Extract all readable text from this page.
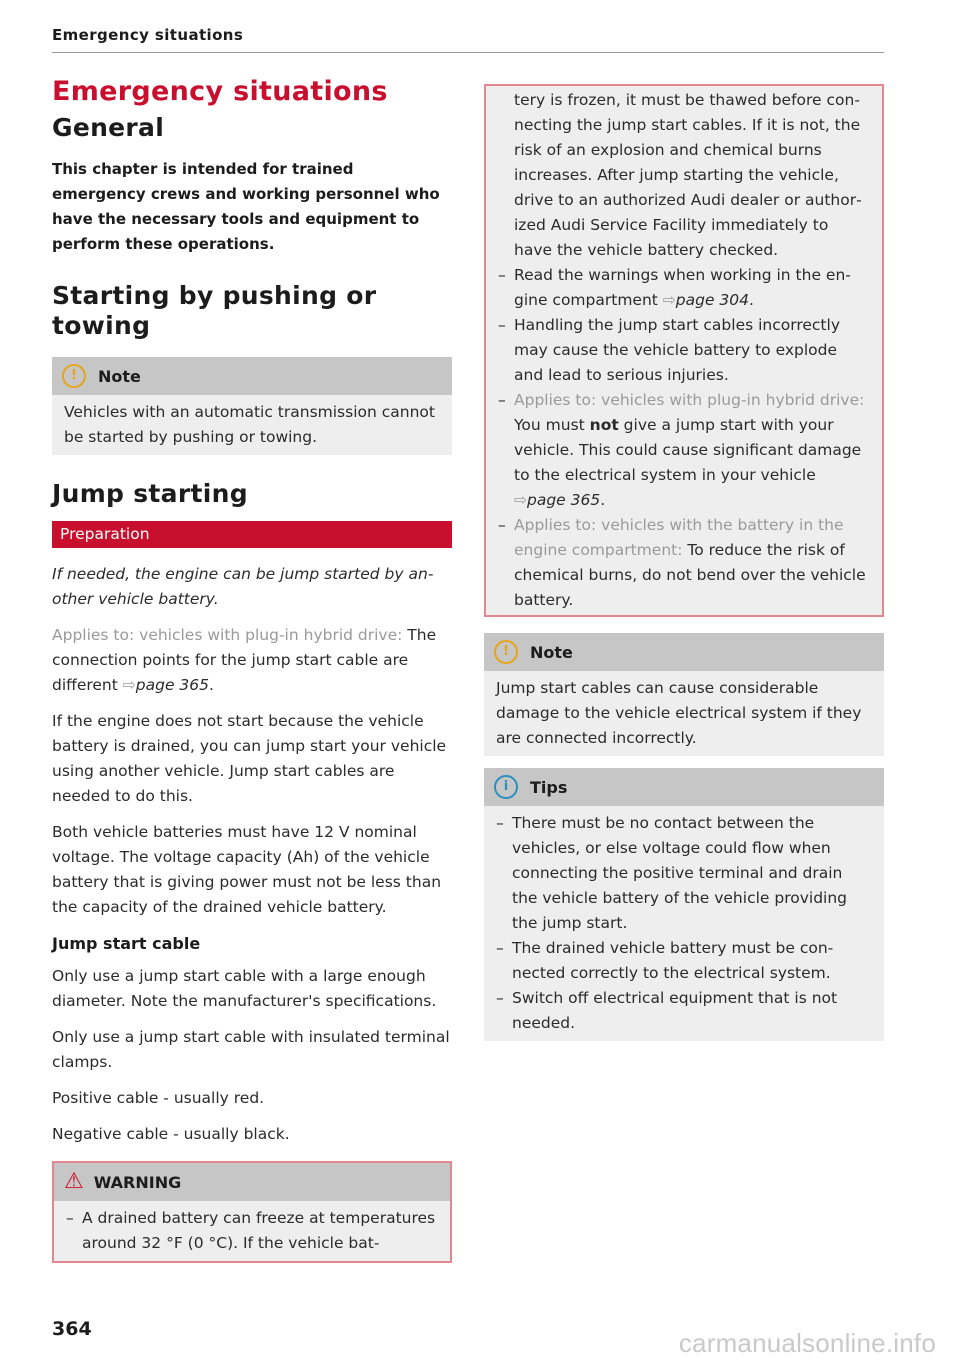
Emergency situations
Emergency situations
General
This chapter is intended for trained emergency crews and working personnel who have the necessary tools and equipment to perform these operations.
Starting by pushing or towing
!	Note

Vehicles with an automatic transmission cannot be started by pushing or towing.

Jump starting
Preparation

If needed, the engine can be jump started by another vehicle battery.

Applies to: vehicles with plug-in hybrid drive: The connection points for the jump start cable are different ⇨page 365.

If the engine does not start because the vehicle battery is drained, you can jump start your vehicle using another vehicle. Jump start cables are needed to do this.

Both vehicle batteries must have 12 V nominal voltage. The voltage capacity (Ah) of the vehicle battery that is giving power must not be less than the capacity of the drained vehicle battery.

Jump start cable

Only use a jump start cable with a large enough diameter. Note the manufacturer's specifications.

Only use a jump start cable with insulated terminal clamps.

Positive cable - usually red.

Negative cable - usually black.

⚠ WARNING
– A drained battery can freeze at temperatures around 32 °F (0 °C). If the vehicle bat-

tery is frozen, it must be thawed before connecting the jump start cables. If it is not, the risk of an explosion and chemical burns increases. After jump starting the vehicle, drive to an authorized Audi dealer or authorized Audi Service Facility immediately to have the vehicle battery checked.

– Read the warnings when working in the engine compartment ⇨page 304.
– Handling the jump start cables incorrectly may cause the vehicle battery to explode and lead to serious injuries.
– Applies to: vehicles with plug-in hybrid drive: You must not give a jump start with your vehicle. This could cause significant damage to the electrical system in your vehicle ⇨page 365.
– Applies to: vehicles with the battery in the engine compartment: To reduce the risk of chemical burns, do not bend over the vehicle battery.
!	Note

Jump start cables can cause considerable damage to the vehicle electrical system if they are connected incorrectly.

i	Tips
– There must be no contact between the vehicles, or else voltage could flow when connecting the positive terminal and drain the vehicle battery of the vehicle providing the jump start.
– The drained vehicle battery must be connected correctly to the electrical system.
– Switch off electrical equipment that is not needed.
364	carmanualsonline.info
